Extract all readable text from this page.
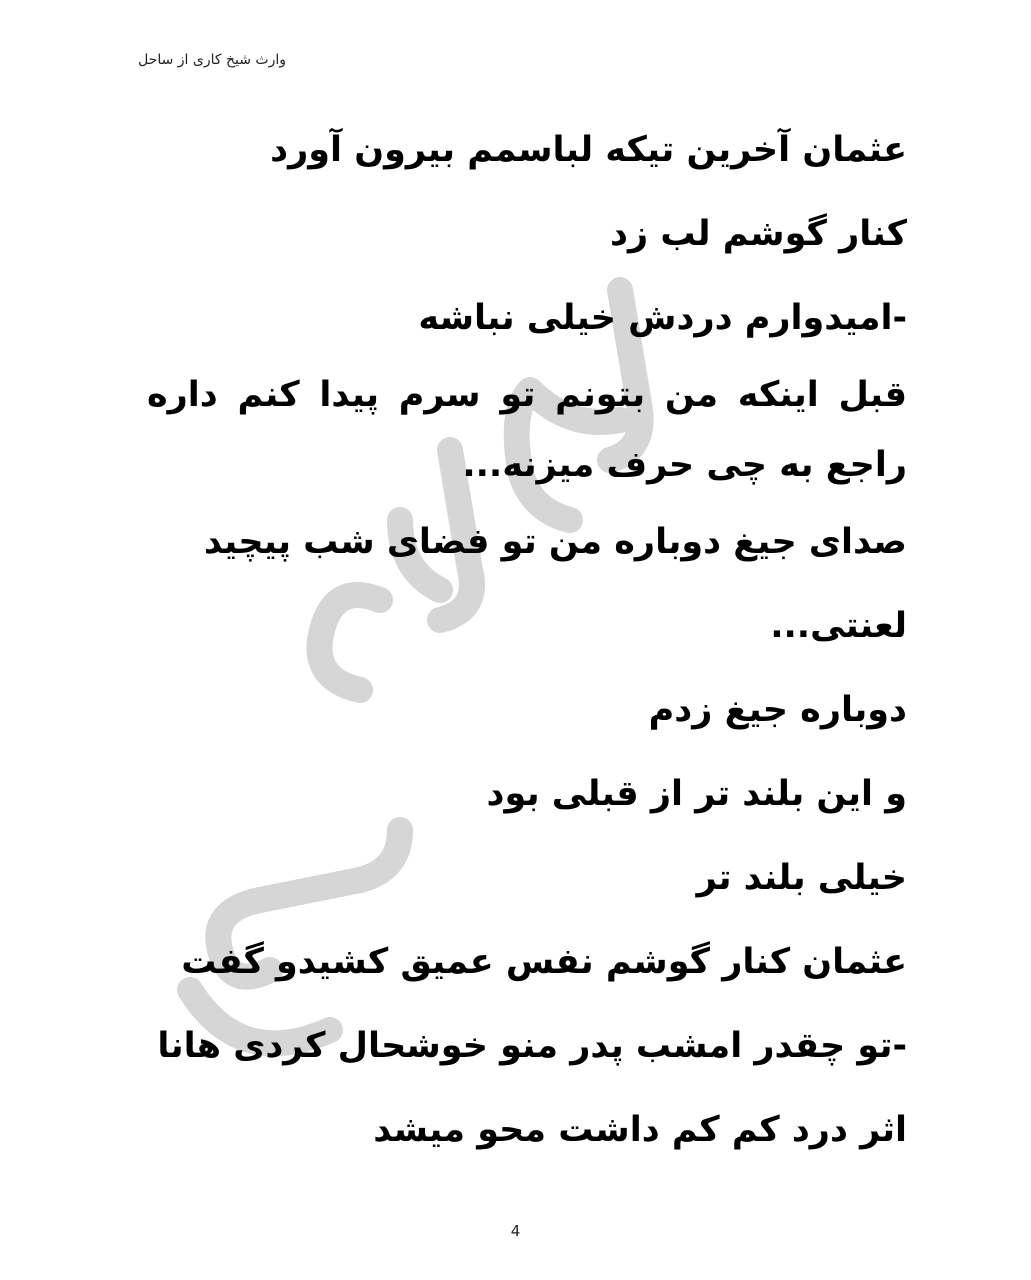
وارث شیخ کاری از ساحل
عثمان آخرین تیکه لباسمم بیرون آورد
کنار گوشم لب زد
-امیدوارم دردش خیلی نباشه
قبل اینکه من بتونم تو سرم پیدا کنم داره راجع به چی حرف میزنه...
صدای جیغ دوباره من تو فضای شب پیچید
لعنتی...
دوباره جیغ زدم
و این بلند تر از قبلی بود
خیلی بلند تر
عثمان کنار گوشم نفس عمیق کشیدو گفت
-تو چقدر امشب پدر منو خوشحال کردی هانا
اثر درد کم کم داشت محو میشد
4
